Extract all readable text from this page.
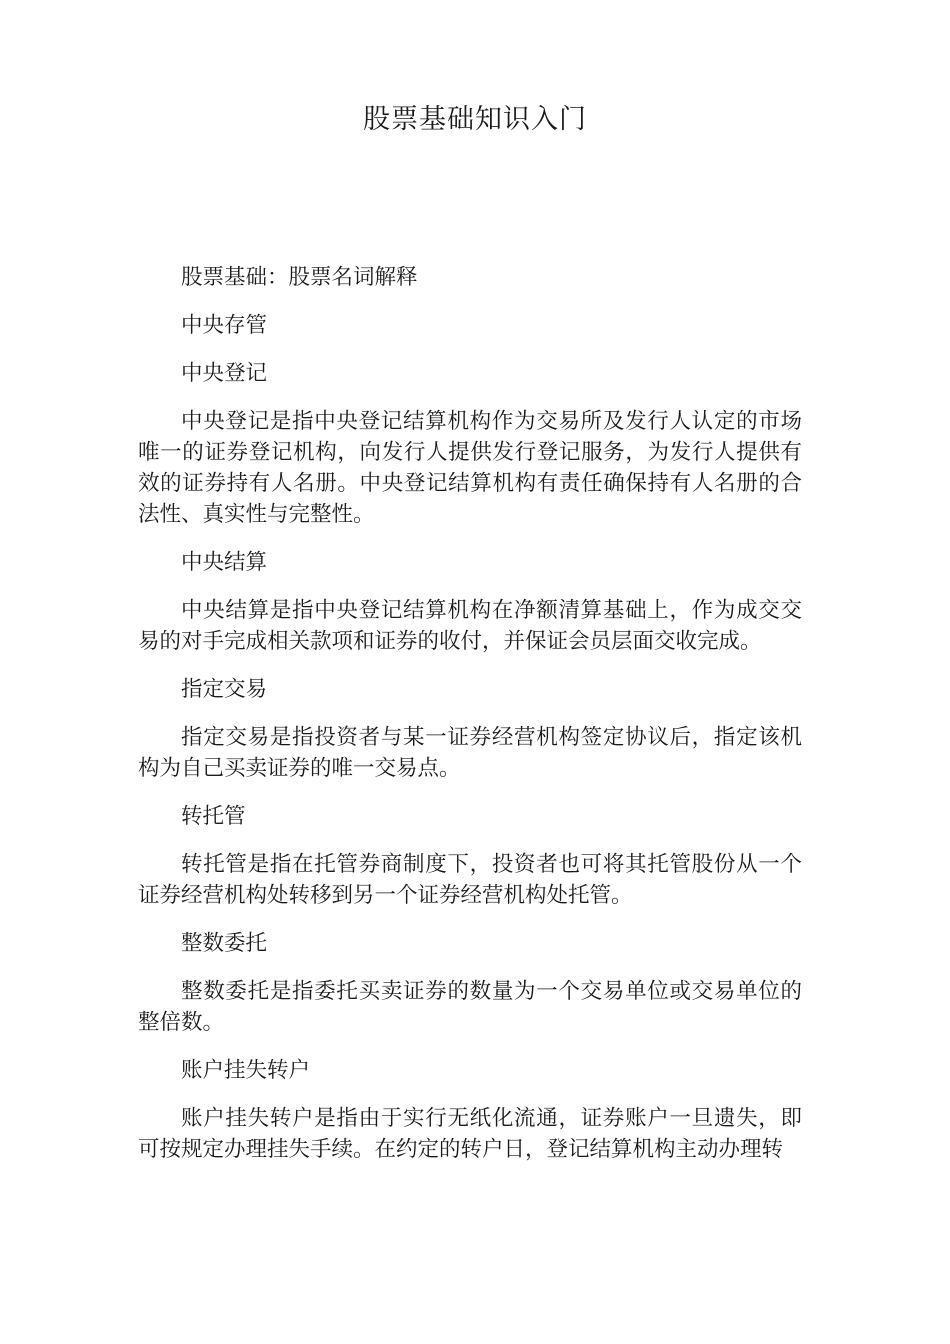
股票基础知识入门

股票基础：股票名词解释

中央存管

中央登记

中央登记是指中央登记结算机构作为交易所及发行人认定的市场唯一的证券登记机构，向发行人提供发行登记服务，为发行人提供有效的证券持有人名册。中央登记结算机构有责任确保持有人名册的合法性、真实性与完整性。

中央结算

中央结算是指中央登记结算机构在净额清算基础上，作为成交交易的对手完成相关款项和证券的收付，并保证会员层面交收完成。

指定交易

指定交易是指投资者与某一证券经营机构签定协议后，指定该机构为自己买卖证券的唯一交易点。

转托管

转托管是指在托管券商制度下，投资者也可将其托管股份从一个证券经营机构处转移到另一个证券经营机构处托管。

整数委托

整数委托是指委托买卖证券的数量为一个交易单位或交易单位的整倍数。

账户挂失转户

账户挂失转户是指由于实行无纸化流通，证券账户一旦遗失，即可按规定办理挂失手续。在约定的转户日，登记结算机构主动办理转
